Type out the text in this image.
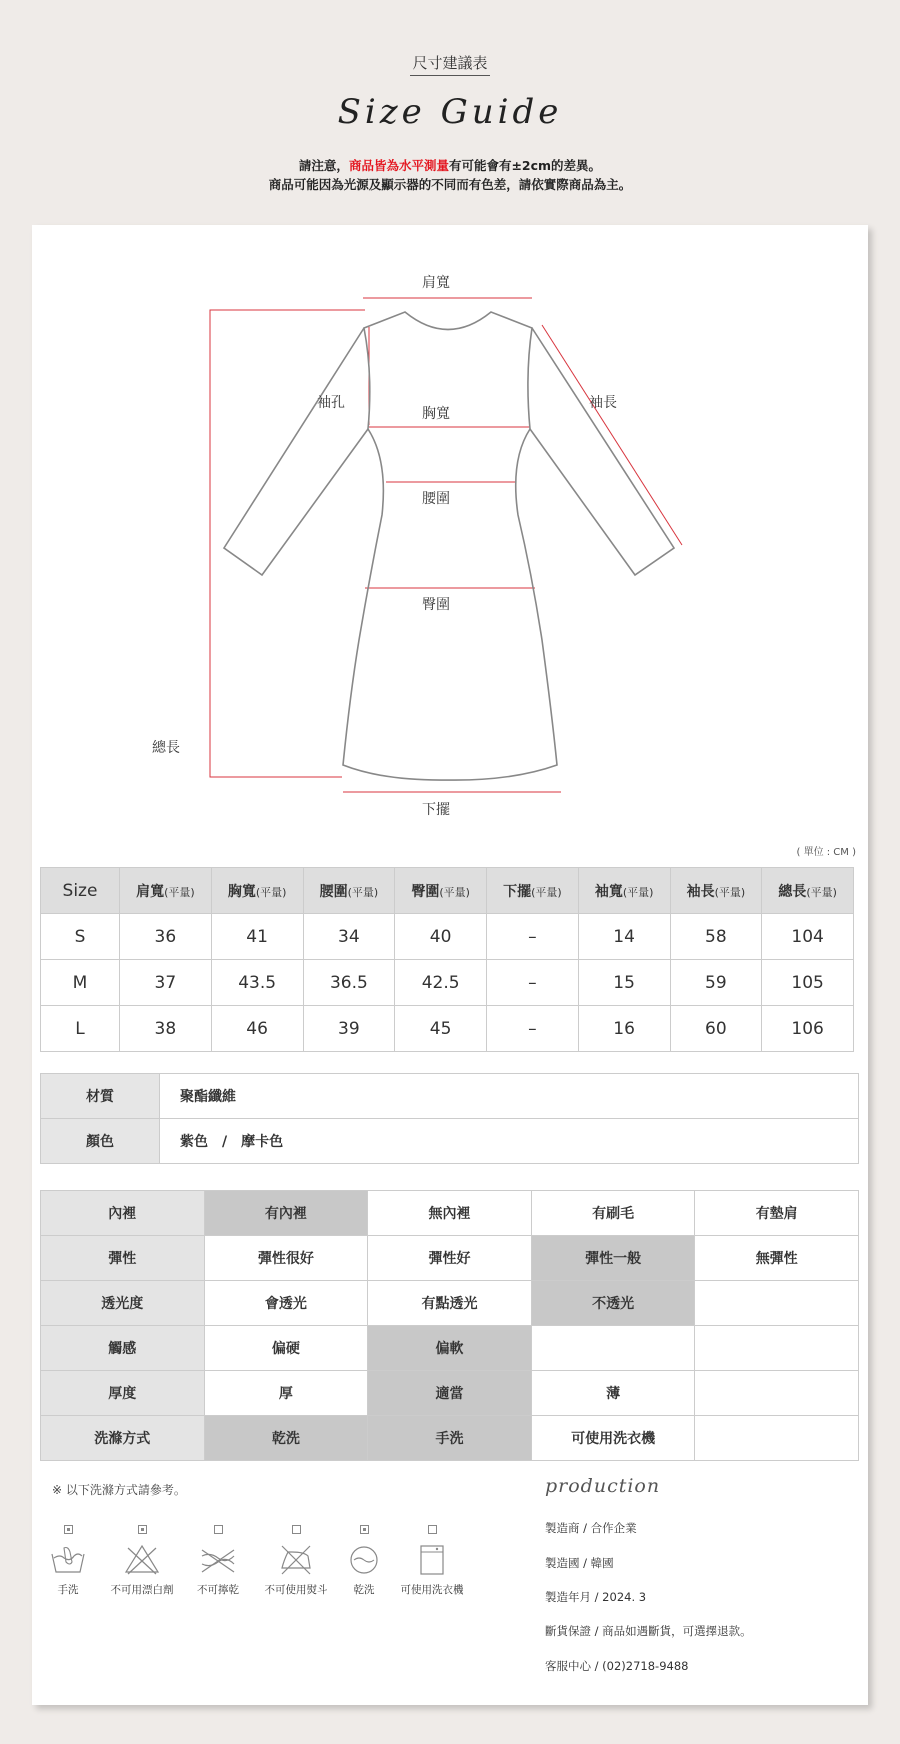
尺寸建議表
Size Guide
請注意，商品皆為水平測量有可能會有±2cm的差異。
商品可能因為光源及顯示器的不同而有色差，請依實際商品為主。
肩寬
袖孔
胸寬
袖長
腰圍
臀圍
總長
下擺
( 單位 : CM )
Size	肩寬(平量)	胸寬(平量)	腰圍(平量)	臀圍(平量)	下擺(平量)	袖寬(平量)	袖長(平量)	總長(平量)
S	36	41	34	40	–	14	58	104
M	37	43.5	36.5	42.5	–	15	59	105
L	38	46	39	45	–	16	60	106
材質	聚酯纖維
顏色	紫色　/　摩卡色
內裡	有內裡	無內裡	有刷毛	有墊肩
彈性	彈性很好	彈性好	彈性一般	無彈性
透光度	會透光	有點透光	不透光	
觸感	偏硬	偏軟		
厚度	厚	適當	薄	
洗滌方式	乾洗	手洗	可使用洗衣機	
※ 以下洗滌方式請參考。
手洗	不可用漂白劑	不可擰乾	不可使用熨斗	乾洗	可使用洗衣機
production
製造商 / 合作企業
製造國 / 韓國
製造年月 / 2024. 3
斷貨保證 / 商品如遇斷貨，可選擇退款。
客服中心 / (02)2718-9488
